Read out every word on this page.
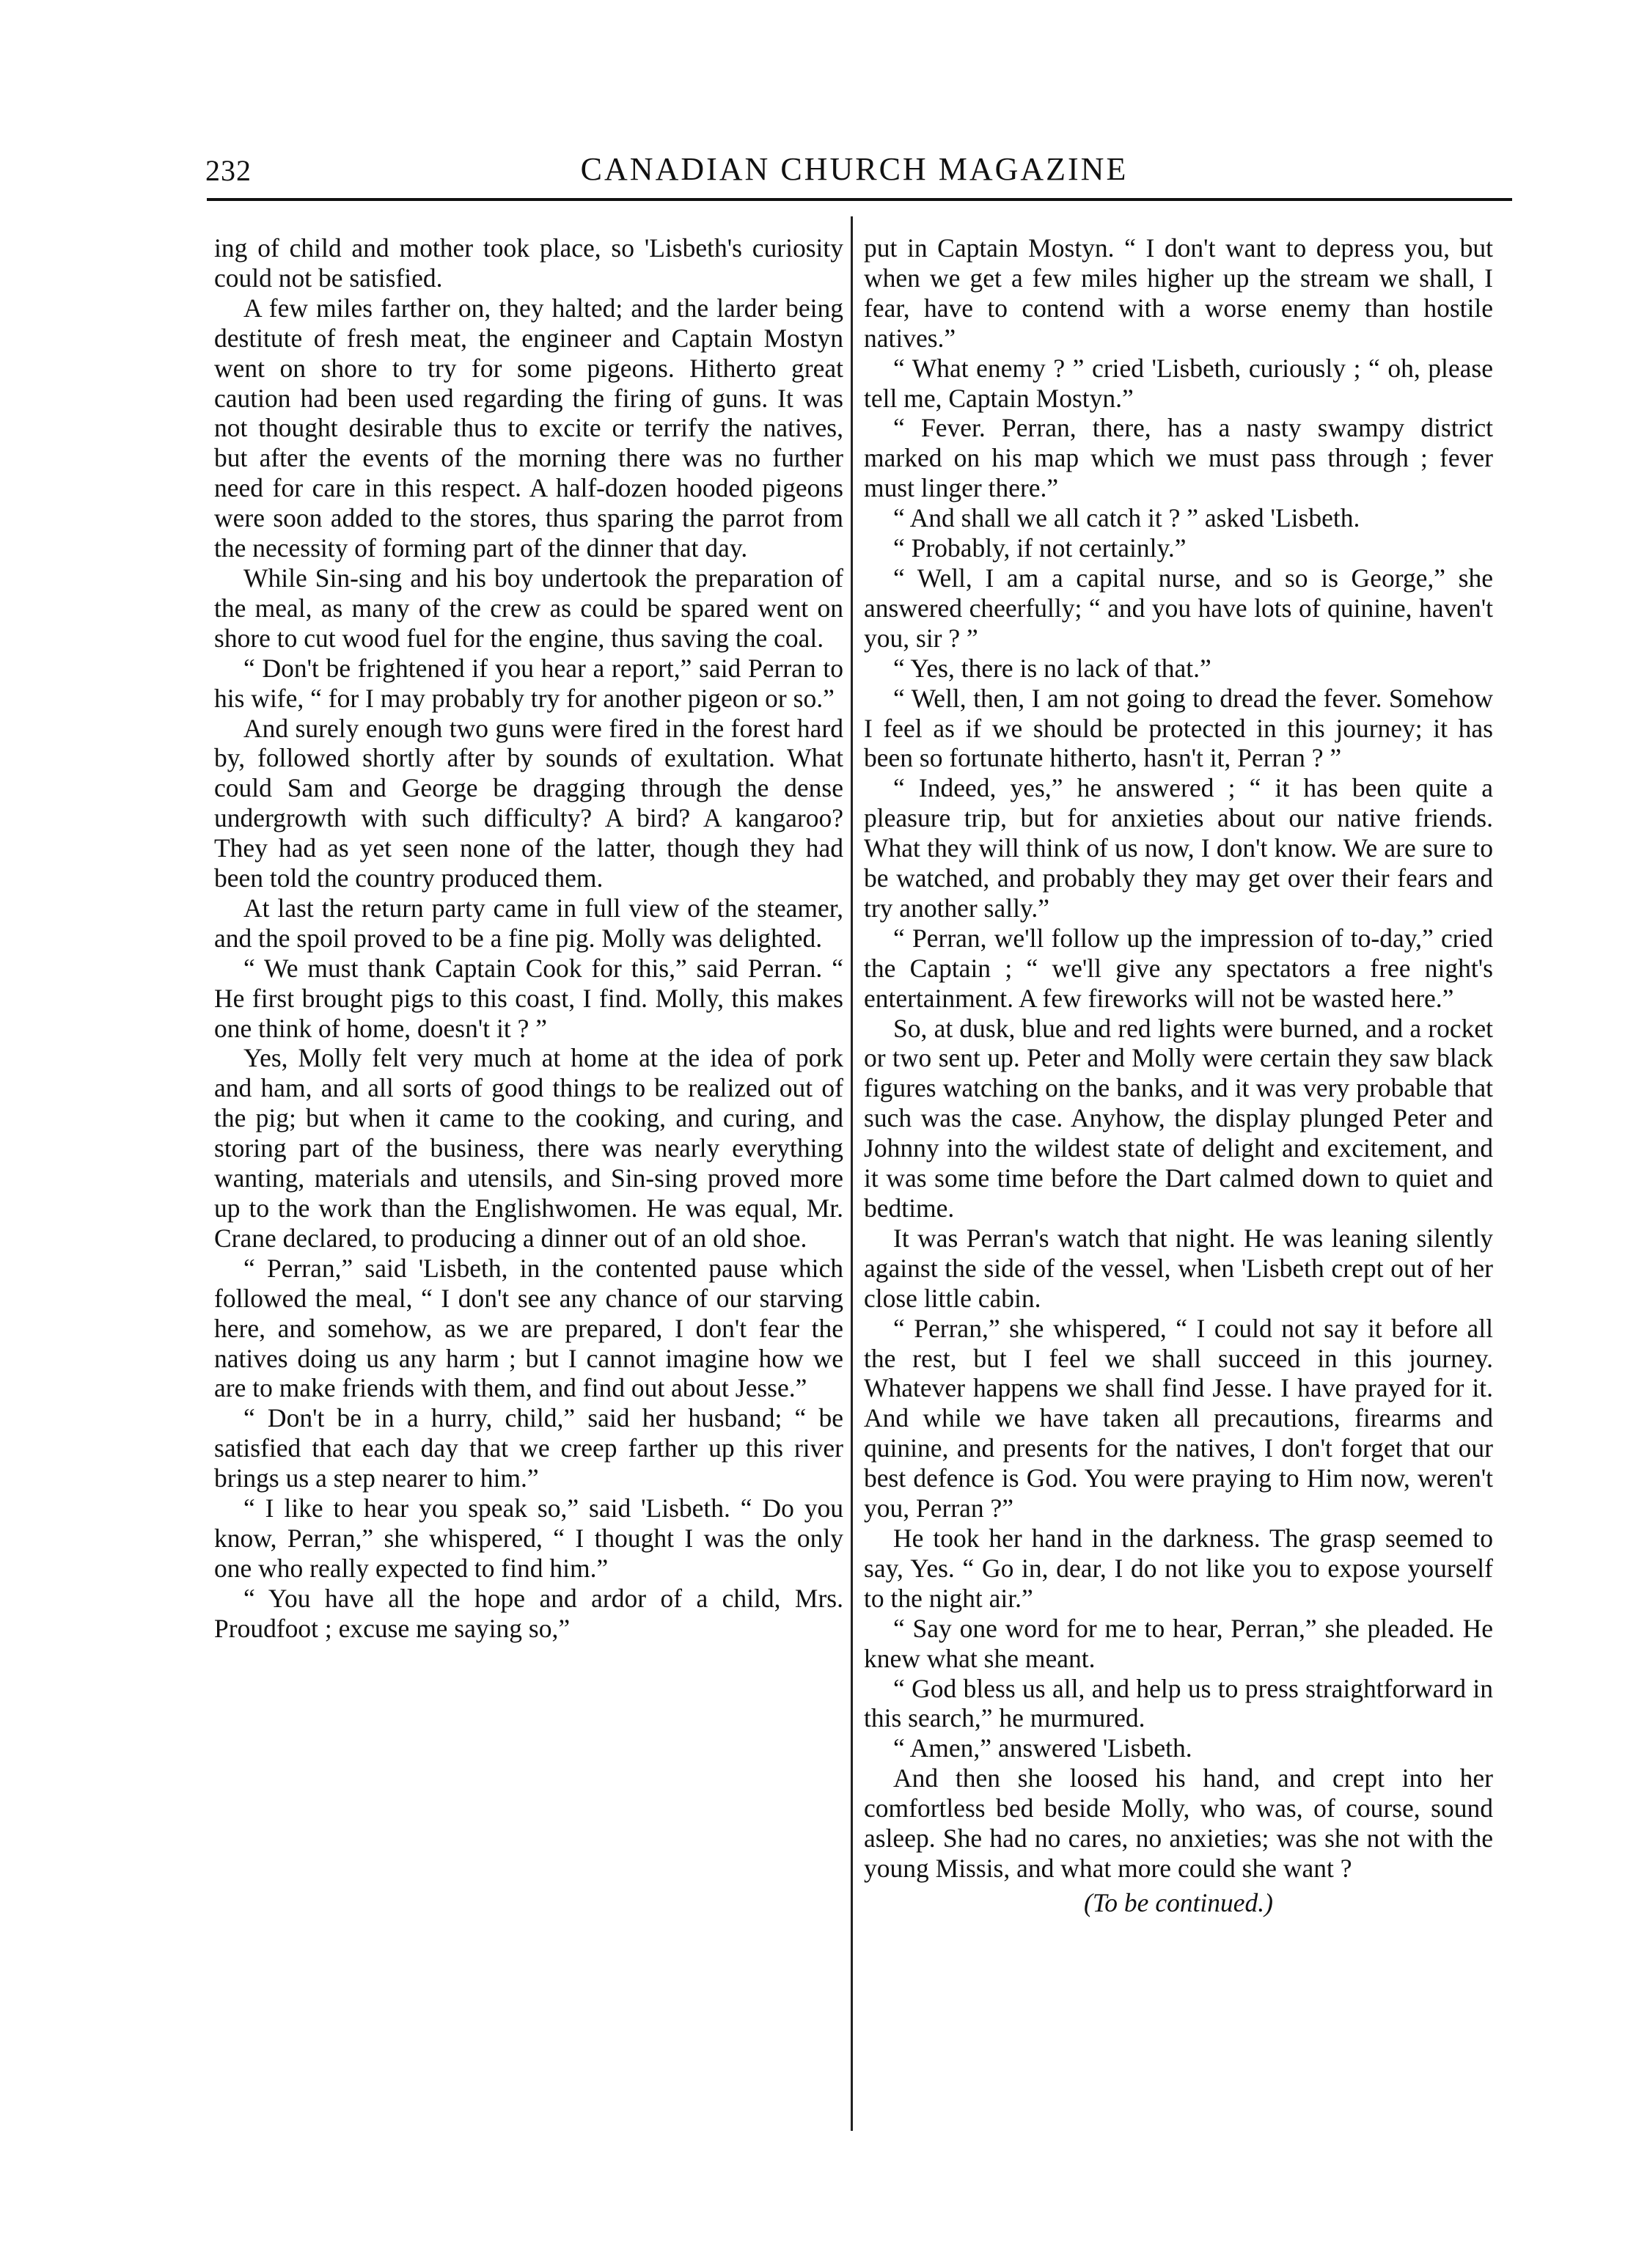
232	CANADIAN CHURCH MAGAZINE

ing of child and mother took place, so 'Lisbeth's curiosity could not be satisfied.

A few miles farther on, they halted; and the larder being destitute of fresh meat, the engineer and Captain Mostyn went on shore to try for some pigeons. Hitherto great caution had been used regarding the firing of guns. It was not thought desirable thus to excite or terrify the natives, but after the events of the morning there was no further need for care in this respect. A half-dozen hooded pigeons were soon added to the stores, thus sparing the parrot from the necessity of forming part of the dinner that day.

While Sin-sing and his boy undertook the preparation of the meal, as many of the crew as could be spared went on shore to cut wood fuel for the engine, thus saving the coal.

“ Don't be frightened if you hear a report,” said Perran to his wife, “ for I may probably try for another pigeon or so.”

And surely enough two guns were fired in the forest hard by, followed shortly after by sounds of exultation. What could Sam and George be dragging through the dense undergrowth with such difficulty? A bird? A kangaroo? They had as yet seen none of the latter, though they had been told the country produced them.

At last the return party came in full view of the steamer, and the spoil proved to be a fine pig. Molly was delighted.

“ We must thank Captain Cook for this,” said Perran. “ He first brought pigs to this coast, I find. Molly, this makes one think of home, doesn't it ? ”

Yes, Molly felt very much at home at the idea of pork and ham, and all sorts of good things to be realized out of the pig; but when it came to the cooking, and curing, and storing part of the business, there was nearly everything wanting, materials and utensils, and Sin-sing proved more up to the work than the Englishwomen. He was equal, Mr. Crane declared, to producing a dinner out of an old shoe.

“ Perran,” said 'Lisbeth, in the contented pause which followed the meal, “ I don't see any chance of our starving here, and somehow, as we are prepared, I don't fear the natives doing us any harm ; but I cannot imagine how we are to make friends with them, and find out about Jesse.”

“ Don't be in a hurry, child,” said her husband; “ be satisfied that each day that we creep farther up this river brings us a step nearer to him.”

“ I like to hear you speak so,” said 'Lisbeth. “ Do you know, Perran,” she whispered, “ I thought I was the only one who really expected to find him.”

“ You have all the hope and ardor of a child, Mrs. Proudfoot ; excuse me saying so,”

put in Captain Mostyn. “ I don't want to depress you, but when we get a few miles higher up the stream we shall, I fear, have to contend with a worse enemy than hostile natives.”

“ What enemy ? ” cried 'Lisbeth, curiously ; “ oh, please tell me, Captain Mostyn.”

“ Fever. Perran, there, has a nasty swampy district marked on his map which we must pass through ; fever must linger there.”

“ And shall we all catch it ? ” asked 'Lisbeth.

“ Probably, if not certainly.”

“ Well, I am a capital nurse, and so is George,” she answered cheerfully; “ and you have lots of quinine, haven't you, sir ? ”

“ Yes, there is no lack of that.”

“ Well, then, I am not going to dread the fever. Somehow I feel as if we should be protected in this journey; it has been so fortunate hitherto, hasn't it, Perran ? ”

“ Indeed, yes,” he answered ; “ it has been quite a pleasure trip, but for anxieties about our native friends. What they will think of us now, I don't know. We are sure to be watched, and probably they may get over their fears and try another sally.”

“ Perran, we'll follow up the impression of to-day,” cried the Captain ; “ we'll give any spectators a free night's entertainment. A few fireworks will not be wasted here.”

So, at dusk, blue and red lights were burned, and a rocket or two sent up. Peter and Molly were certain they saw black figures watching on the banks, and it was very probable that such was the case. Anyhow, the display plunged Peter and Johnny into the wildest state of delight and excitement, and it was some time before the Dart calmed down to quiet and bedtime.

It was Perran's watch that night. He was leaning silently against the side of the vessel, when 'Lisbeth crept out of her close little cabin.

“ Perran,” she whispered, “ I could not say it before all the rest, but I feel we shall succeed in this journey. Whatever happens we shall find Jesse. I have prayed for it. And while we have taken all precautions, firearms and quinine, and presents for the natives, I don't forget that our best defence is God. You were praying to Him now, weren't you, Perran ?”

He took her hand in the darkness. The grasp seemed to say, Yes. “ Go in, dear, I do not like you to expose yourself to the night air.”

“ Say one word for me to hear, Perran,” she pleaded. He knew what she meant.

“ God bless us all, and help us to press straightforward in this search,” he murmured.

“ Amen,” answered 'Lisbeth.

And then she loosed his hand, and crept into her comfortless bed beside Molly, who was, of course, sound asleep. She had no cares, no anxieties; was she not with the young Missis, and what more could she want ?

(To be continued.)
